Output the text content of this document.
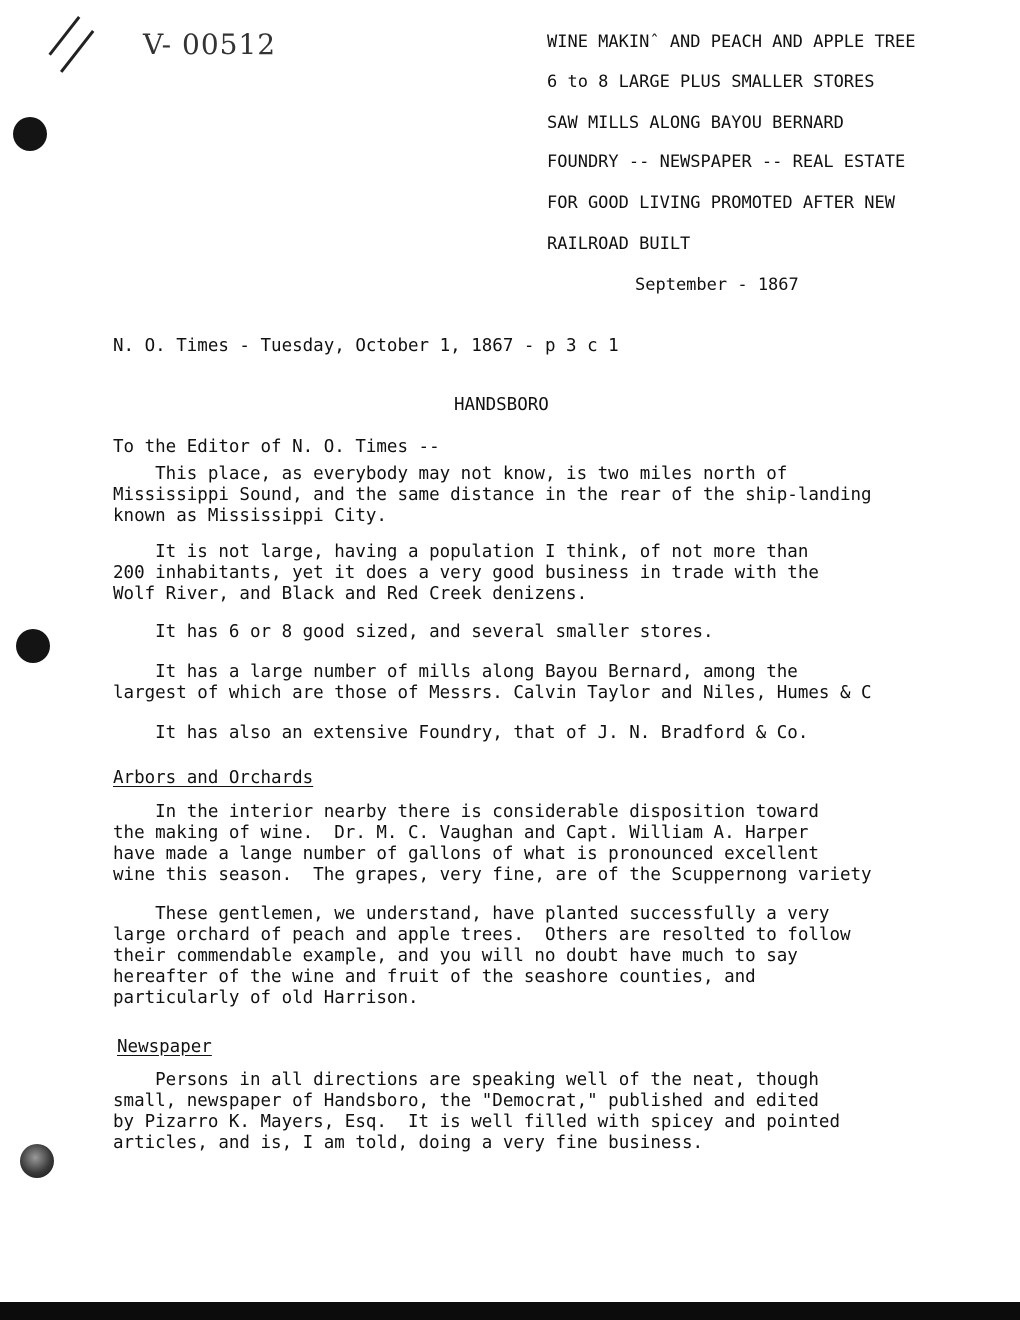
V- 00512	WINE MAKINˆ AND PEACH AND APPLE TREE
6 to 8 LARGE PLUS SMALLER STORES
SAW MILLS ALONG BAYOU BERNARD
FOUNDRY -- NEWSPAPER -- REAL ESTATE
FOR GOOD LIVING PROMOTED AFTER NEW
RAILROAD BUILT
September - 1867
N. O. Times - Tuesday, October 1, 1867 - p 3 c 1
HANDSBORO
To the Editor of N. O. Times --
This place, as everybody may not know, is two miles north of
Mississippi Sound, and the same distance in the rear of the ship-landing
known as Mississippi City.
It is not large, having a population I think, of not more than
200 inhabitants, yet it does a very good business in trade with the
Wolf River, and Black and Red Creek denizens.
It has 6 or 8 good sized, and several smaller stores.
It has a large number of mills along Bayou Bernard, among the
largest of which are those of Messrs. Calvin Taylor and Niles, Humes & C
It has also an extensive Foundry, that of J. N. Bradford & Co.
Arbors and Orchards
In the interior nearby there is considerable disposition toward
the making of wine.  Dr. M. C. Vaughan and Capt. William A. Harper
have made a lange number of gallons of what is pronounced excellent
wine this season.  The grapes, very fine, are of the Scuppernong variety
These gentlemen, we understand, have planted successfully a very
large orchard of peach and apple trees.  Others are resolted to follow
their commendable example, and you will no doubt have much to say
hereafter of the wine and fruit of the seashore counties, and
particularly of old Harrison.
Newspaper
Persons in all directions are speaking well of the neat, though
small, newspaper of Handsboro, the "Democrat," published and edited
by Pizarro K. Mayers, Esq.  It is well filled with spicey and pointed
articles, and is, I am told, doing a very fine business.
